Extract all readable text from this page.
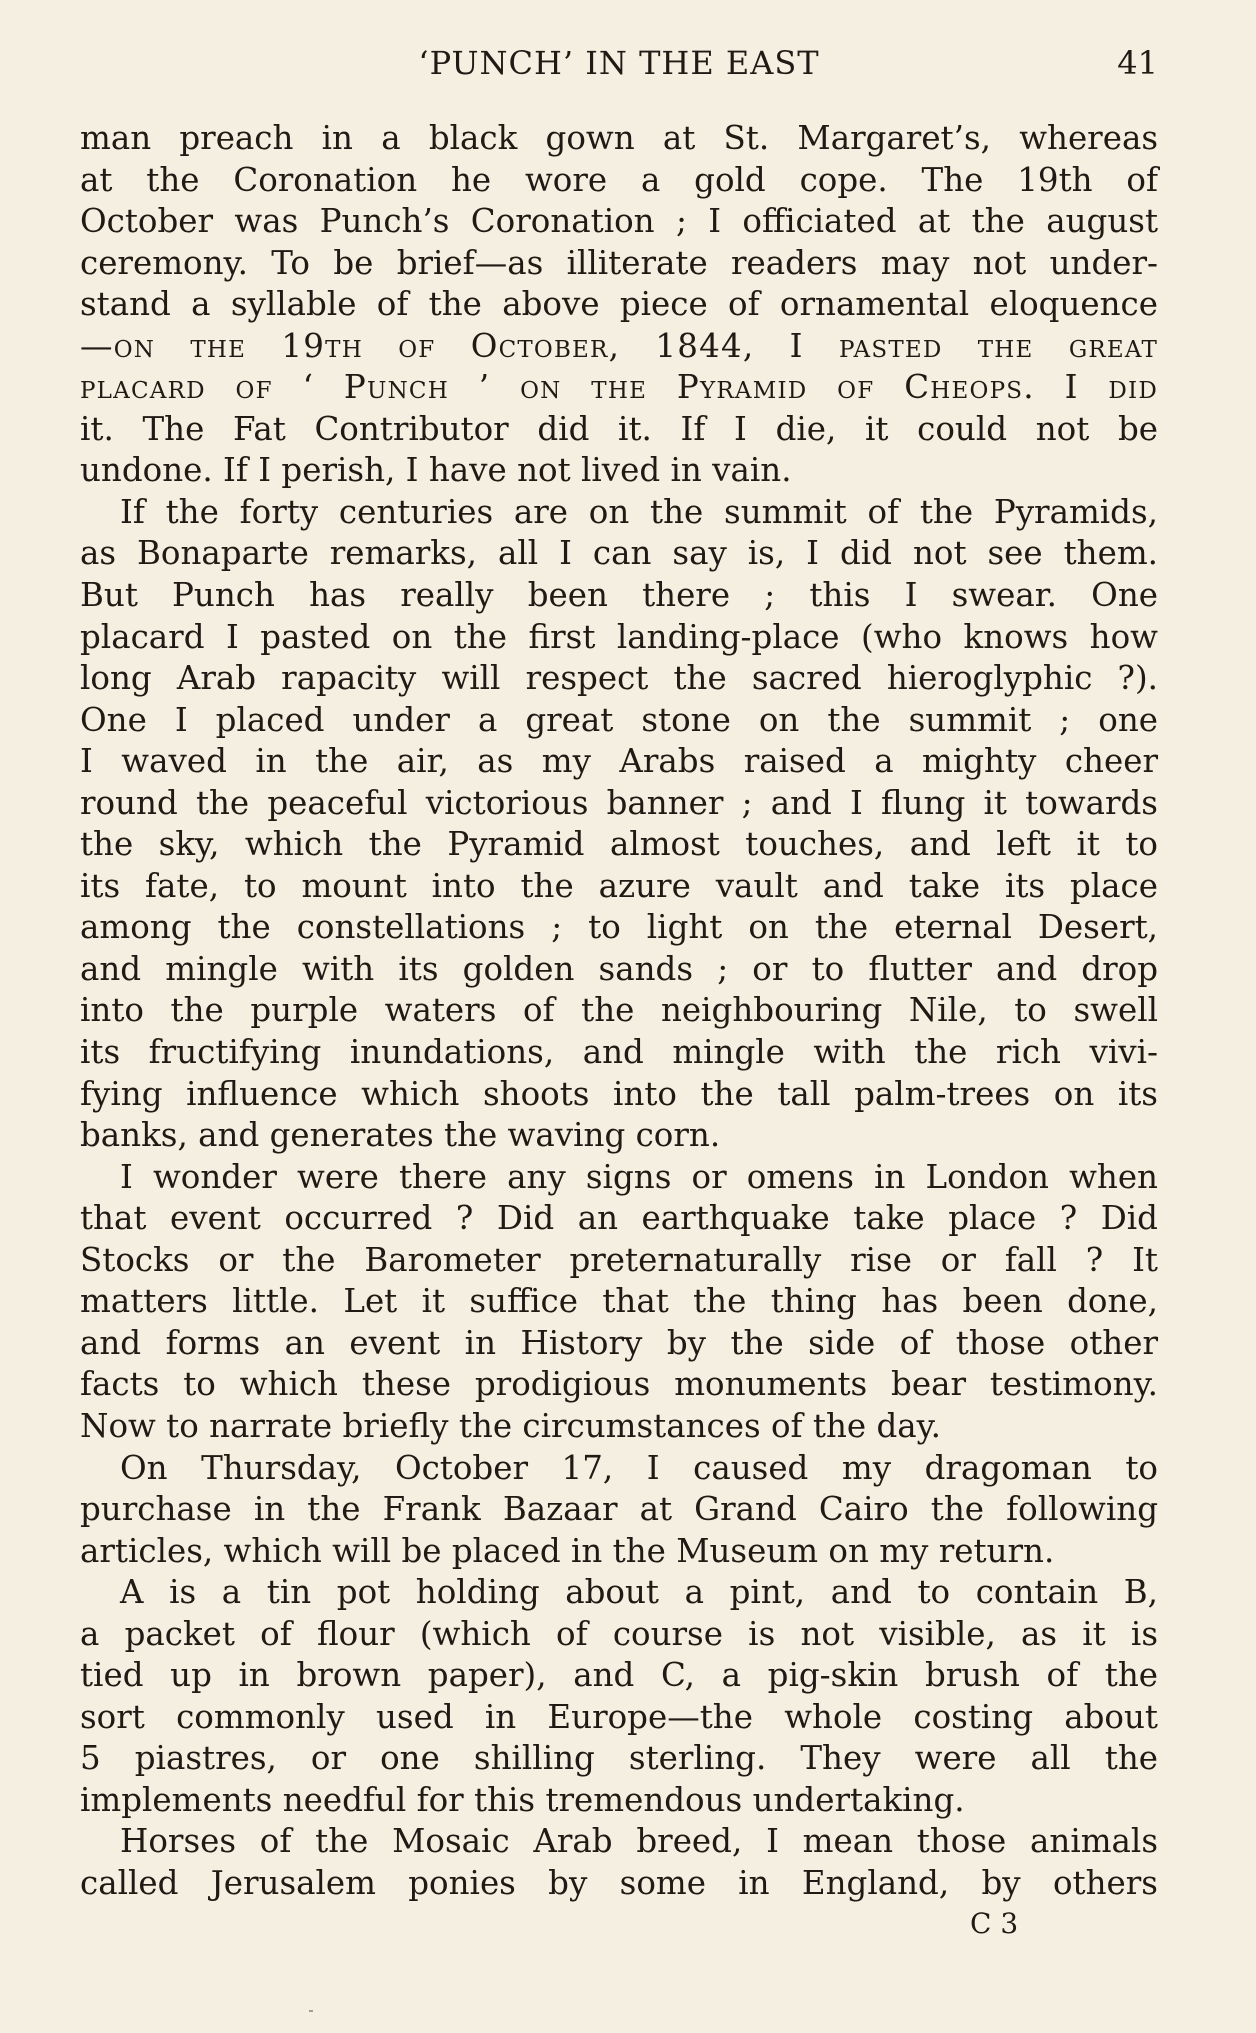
‘PUNCH’ IN THE EAST	41
man preach in a black gown at St. Margaret’s, whereas
at the Coronation he wore a gold cope. The 19th of
October was Punch’s Coronation ; I officiated at the august
ceremony. To be brief—as illiterate readers may not under-
stand a syllable of the above piece of ornamental eloquence
—on the 19th of October, 1844, I pasted the great
placard of ‘ Punch ’ on the Pyramid of Cheops. I did
it. The Fat Contributor did it. If I die, it could not be
undone. If I perish, I have not lived in vain.
If the forty centuries are on the summit of the Pyramids,
as Bonaparte remarks, all I can say is, I did not see them.
But Punch has really been there ; this I swear. One
placard I pasted on the first landing-place (who knows how
long Arab rapacity will respect the sacred hieroglyphic ?).
One I placed under a great stone on the summit ; one
I waved in the air, as my Arabs raised a mighty cheer
round the peaceful victorious banner ; and I flung it towards
the sky, which the Pyramid almost touches, and left it to
its fate, to mount into the azure vault and take its place
among the constellations ; to light on the eternal Desert,
and mingle with its golden sands ; or to flutter and drop
into the purple waters of the neighbouring Nile, to swell
its fructifying inundations, and mingle with the rich vivi-
fying influence which shoots into the tall palm-trees on its
banks, and generates the waving corn.
I wonder were there any signs or omens in London when
that event occurred ? Did an earthquake take place ? Did
Stocks or the Barometer preternaturally rise or fall ? It
matters little. Let it suffice that the thing has been done,
and forms an event in History by the side of those other
facts to which these prodigious monuments bear testimony.
Now to narrate briefly the circumstances of the day.
On Thursday, October 17, I caused my dragoman to
purchase in the Frank Bazaar at Grand Cairo the following
articles, which will be placed in the Museum on my return.
A is a tin pot holding about a pint, and to contain B,
a packet of flour (which of course is not visible, as it is
tied up in brown paper), and C, a pig-skin brush of the
sort commonly used in Europe—the whole costing about
5 piastres, or one shilling sterling. They were all the
implements needful for this tremendous undertaking.
Horses of the Mosaic Arab breed, I mean those animals
called Jerusalem ponies by some in England, by others
C 3
